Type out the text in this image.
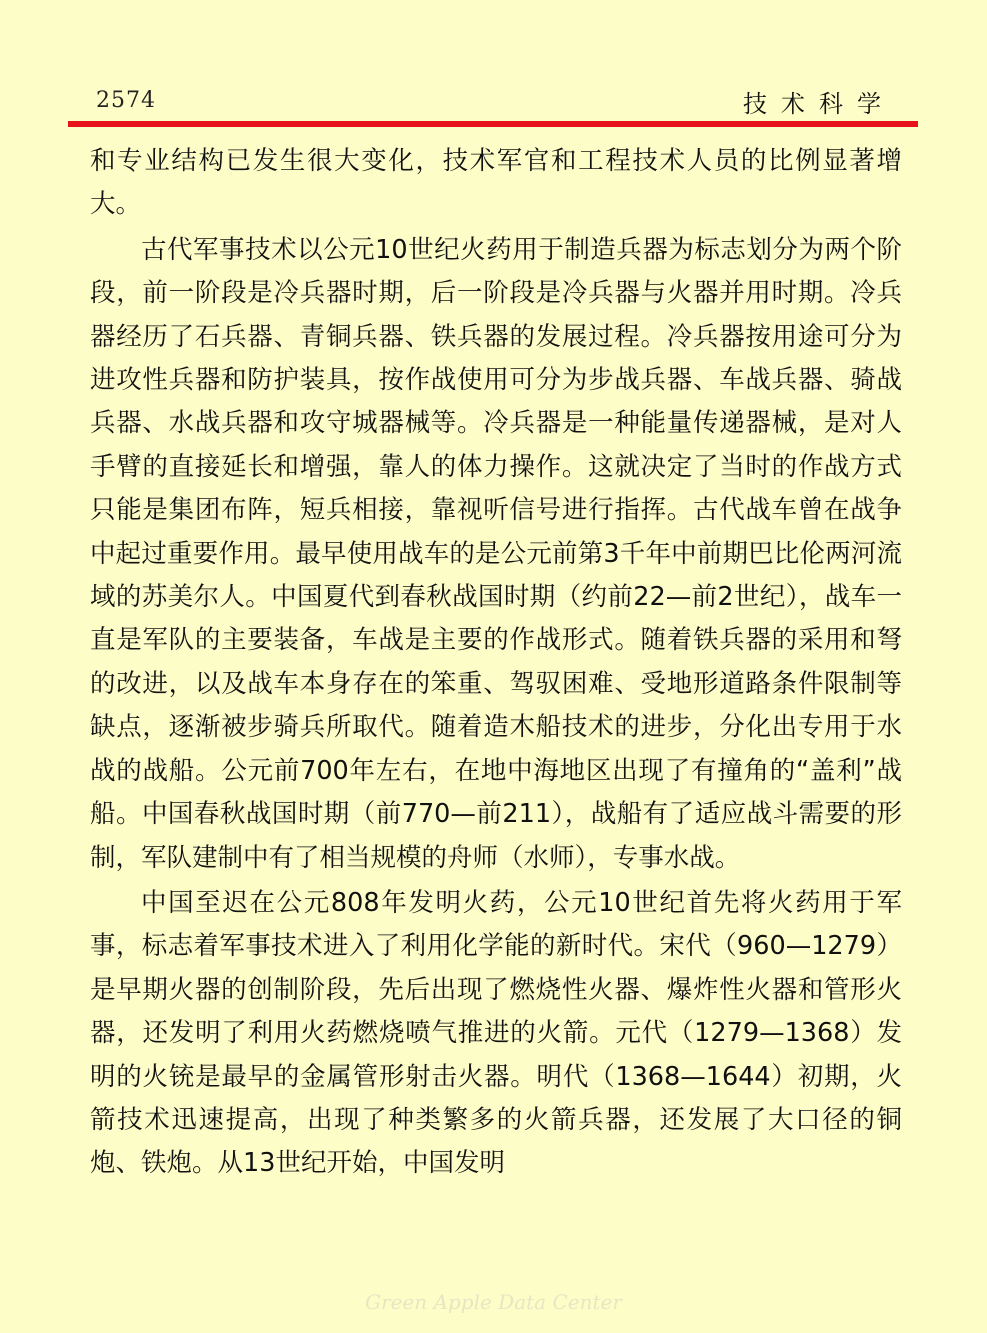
2574	技术科学

和专业结构已发生很大变化，技术军官和工程技术人员的比例显著增大。

古代军事技术以公元10世纪火药用于制造兵器为标志划分为两个阶段，前一阶段是冷兵器时期，后一阶段是冷兵器与火器并用时期。冷兵器经历了石兵器、青铜兵器、铁兵器的发展过程。冷兵器按用途可分为进攻性兵器和防护装具，按作战使用可分为步战兵器、车战兵器、骑战兵器、水战兵器和攻守城器械等。冷兵器是一种能量传递器械，是对人手臂的直接延长和增强，靠人的体力操作。这就决定了当时的作战方式只能是集团布阵，短兵相接，靠视听信号进行指挥。古代战车曾在战争中起过重要作用。最早使用战车的是公元前第3千年中前期巴比伦两河流域的苏美尔人。中国夏代到春秋战国时期（约前22—前2世纪），战车一直是军队的主要装备，车战是主要的作战形式。随着铁兵器的采用和弩的改进，以及战车本身存在的笨重、驾驭困难、受地形道路条件限制等缺点，逐渐被步骑兵所取代。随着造木船技术的进步，分化出专用于水战的战船。公元前700年左右，在地中海地区出现了有撞角的“盖利”战船。中国春秋战国时期（前770—前211），战船有了适应战斗需要的形制，军队建制中有了相当规模的舟师（水师），专事水战。

中国至迟在公元808年发明火药，公元10世纪首先将火药用于军事，标志着军事技术进入了利用化学能的新时代。宋代（960—1279）是早期火器的创制阶段，先后出现了燃烧性火器、爆炸性火器和管形火器，还发明了利用火药燃烧喷气推进的火箭。元代（1279—1368）发明的火铳是最早的金属管形射击火器。明代（1368—1644）初期，火箭技术迅速提高，出现了种类繁多的火箭兵器，还发展了大口径的铜炮、铁炮。从13世纪开始，中国发明

Green Apple Data Center
